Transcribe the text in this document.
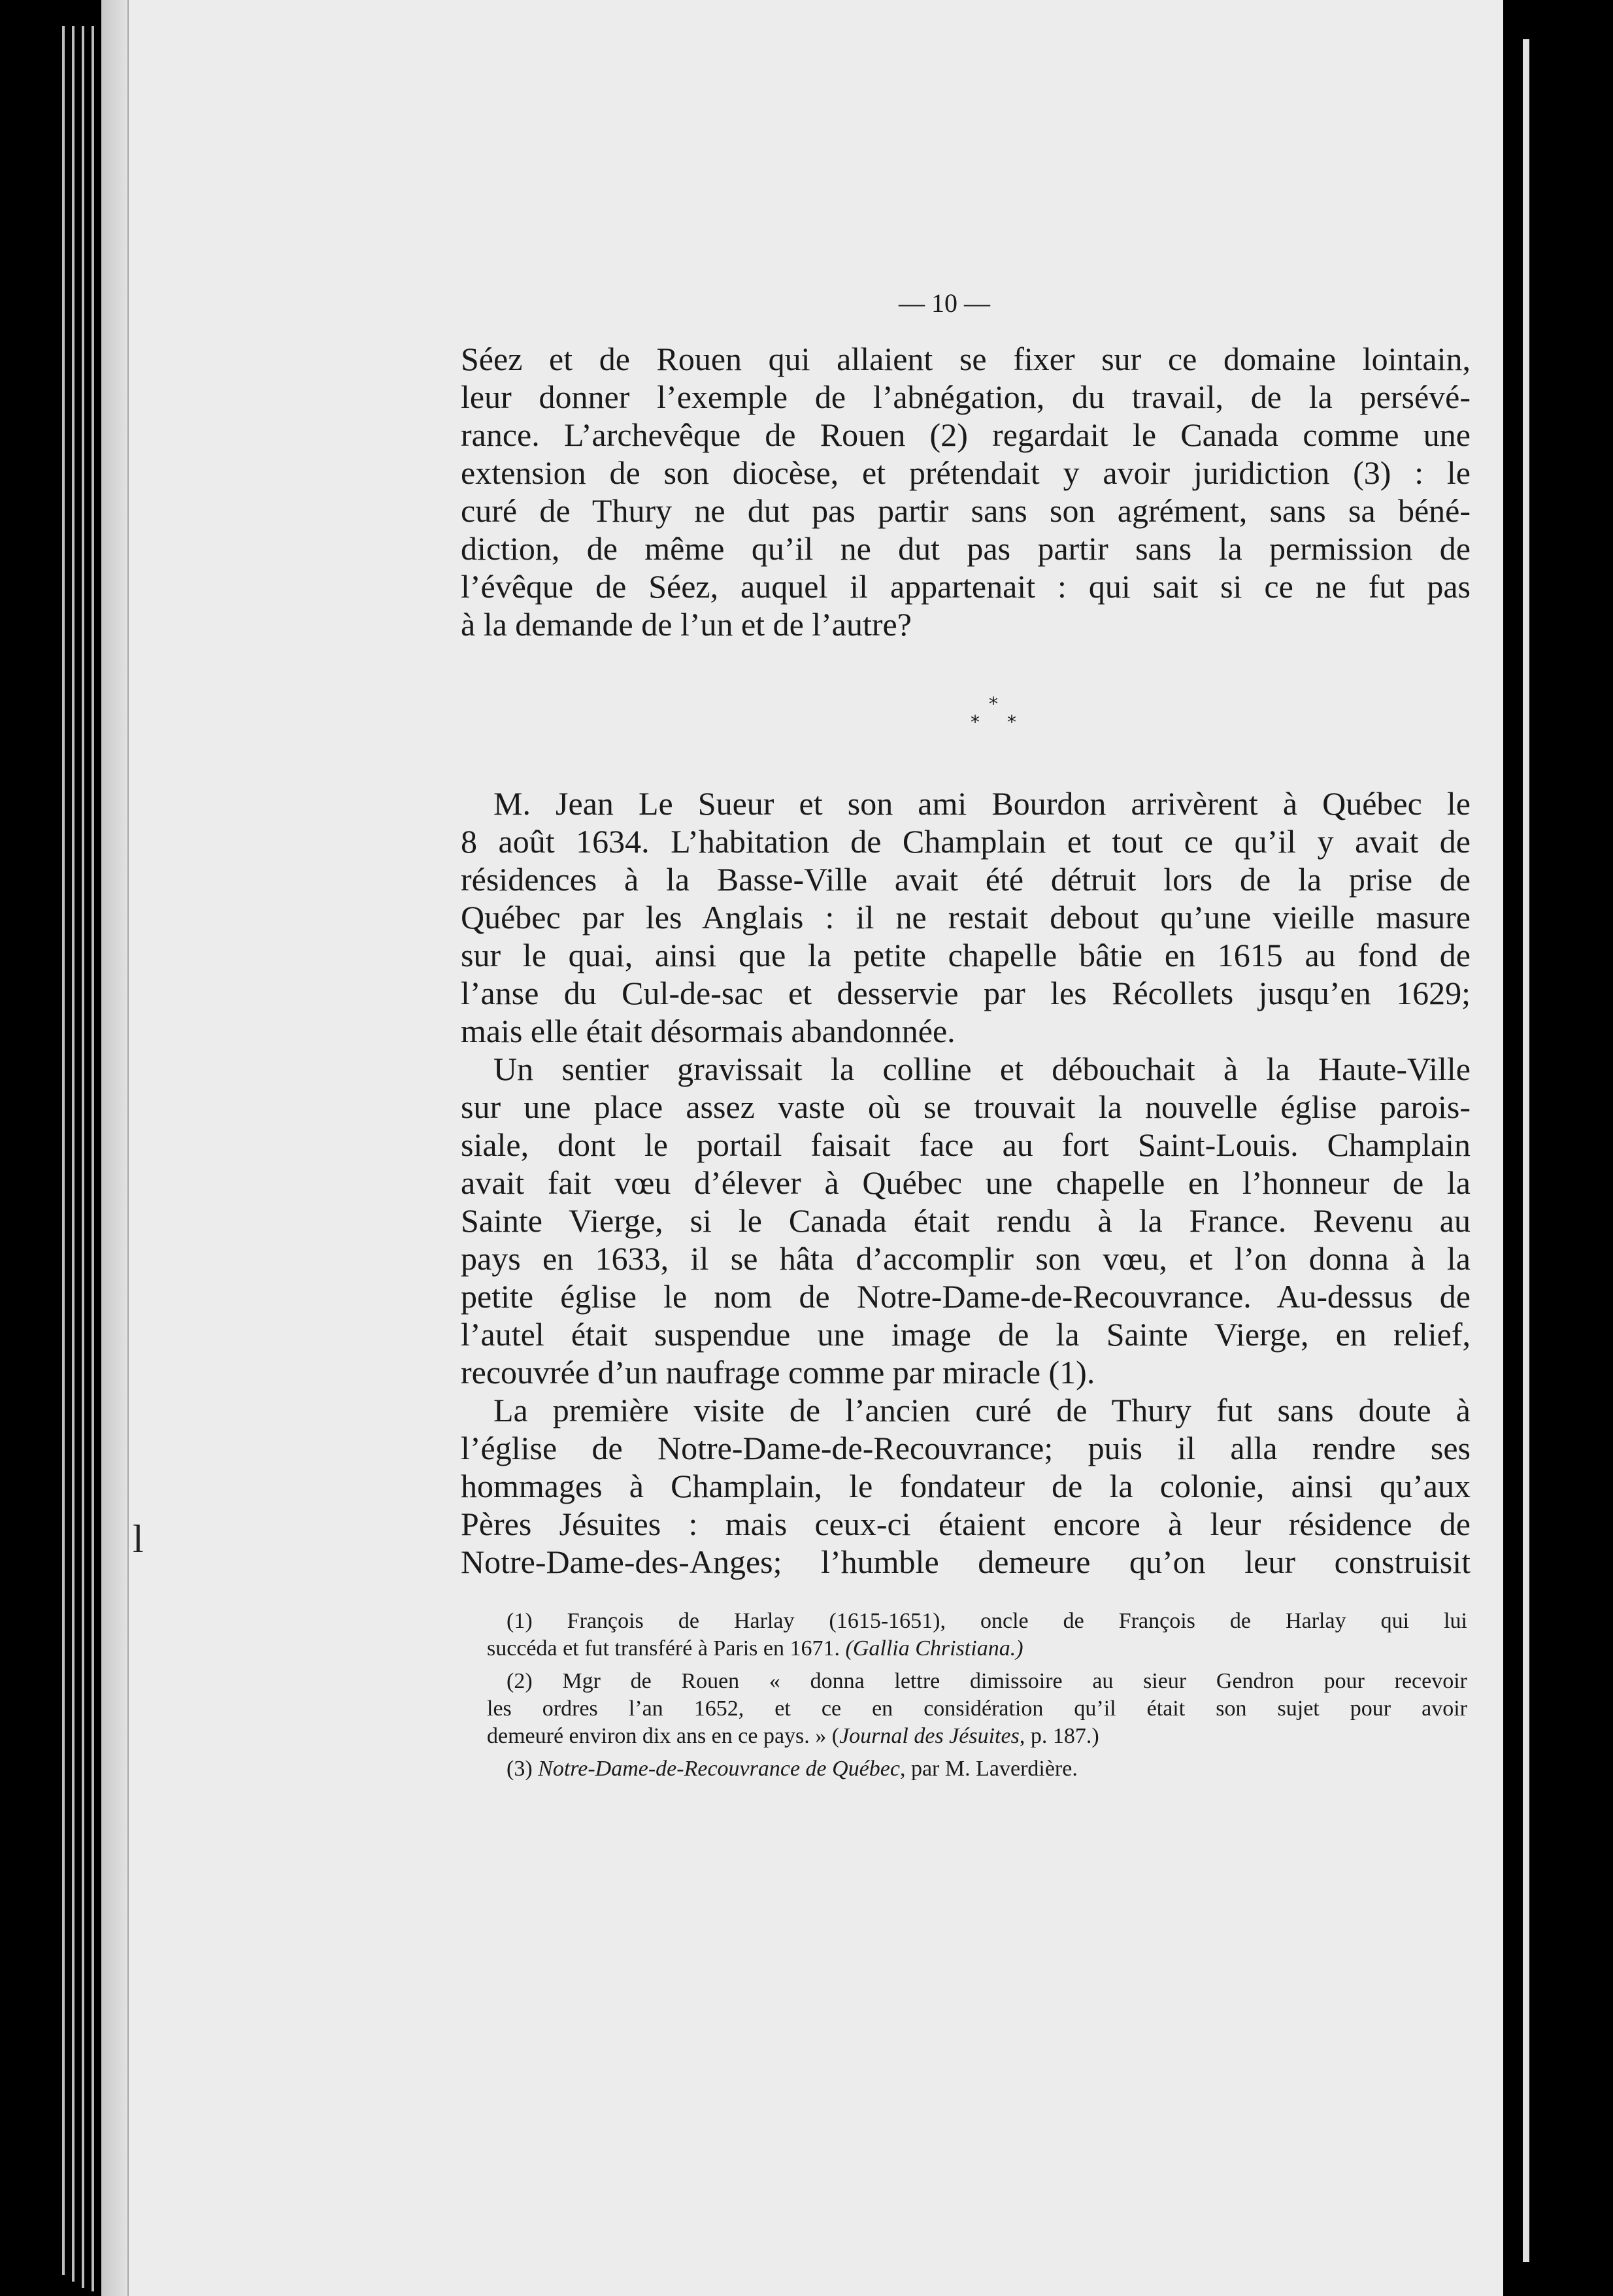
l
— 10 —
Séez et de Rouen qui allaient se fixer sur ce domaine lointain,
leur donner l’exemple de l’abnégation, du travail, de la persévé-
rance. L’archevêque de Rouen (2) regardait le Canada comme une
extension de son diocèse, et prétendait y avoir juridiction (3) : le
curé de Thury ne dut pas partir sans son agrément, sans sa béné-
diction, de même qu’il ne dut pas partir sans la permission de
l’évêque de Séez, auquel il appartenait : qui sait si ce ne fut pas
à la demande de l’un et de l’autre?
*
* *
M. Jean Le Sueur et son ami Bourdon arrivèrent à Québec le
8 août 1634. L’habitation de Champlain et tout ce qu’il y avait de
résidences à la Basse-Ville avait été détruit lors de la prise de
Québec par les Anglais : il ne restait debout qu’une vieille masure
sur le quai, ainsi que la petite chapelle bâtie en 1615 au fond de
l’anse du Cul-de-sac et desservie par les Récollets jusqu’en 1629;
mais elle était désormais abandonnée.
Un sentier gravissait la colline et débouchait à la Haute-Ville
sur une place assez vaste où se trouvait la nouvelle église parois-
siale, dont le portail faisait face au fort Saint-Louis. Champlain
avait fait vœu d’élever à Québec une chapelle en l’honneur de la
Sainte Vierge, si le Canada était rendu à la France. Revenu au
pays en 1633, il se hâta d’accomplir son vœu, et l’on donna à la
petite église le nom de Notre-Dame-de-Recouvrance. Au-dessus de
l’autel était suspendue une image de la Sainte Vierge, en relief,
recouvrée d’un naufrage comme par miracle (1).
La première visite de l’ancien curé de Thury fut sans doute à
l’église de Notre-Dame-de-Recouvrance; puis il alla rendre ses
hommages à Champlain, le fondateur de la colonie, ainsi qu’aux
Pères Jésuites : mais ceux-ci étaient encore à leur résidence de
Notre-Dame-des-Anges; l’humble demeure qu’on leur construisit
(1) François de Harlay (1615-1651), oncle de François de Harlay qui lui
succéda et fut transféré à Paris en 1671. (Gallia Christiana.)
(2) Mgr de Rouen « donna lettre dimissoire au sieur Gendron pour recevoir
les ordres l’an 1652, et ce en considération qu’il était son sujet pour avoir
demeuré environ dix ans en ce pays. » (Journal des Jésuites, p. 187.)
(3) Notre-Dame-de-Recouvrance de Québec, par M. Laverdière.
